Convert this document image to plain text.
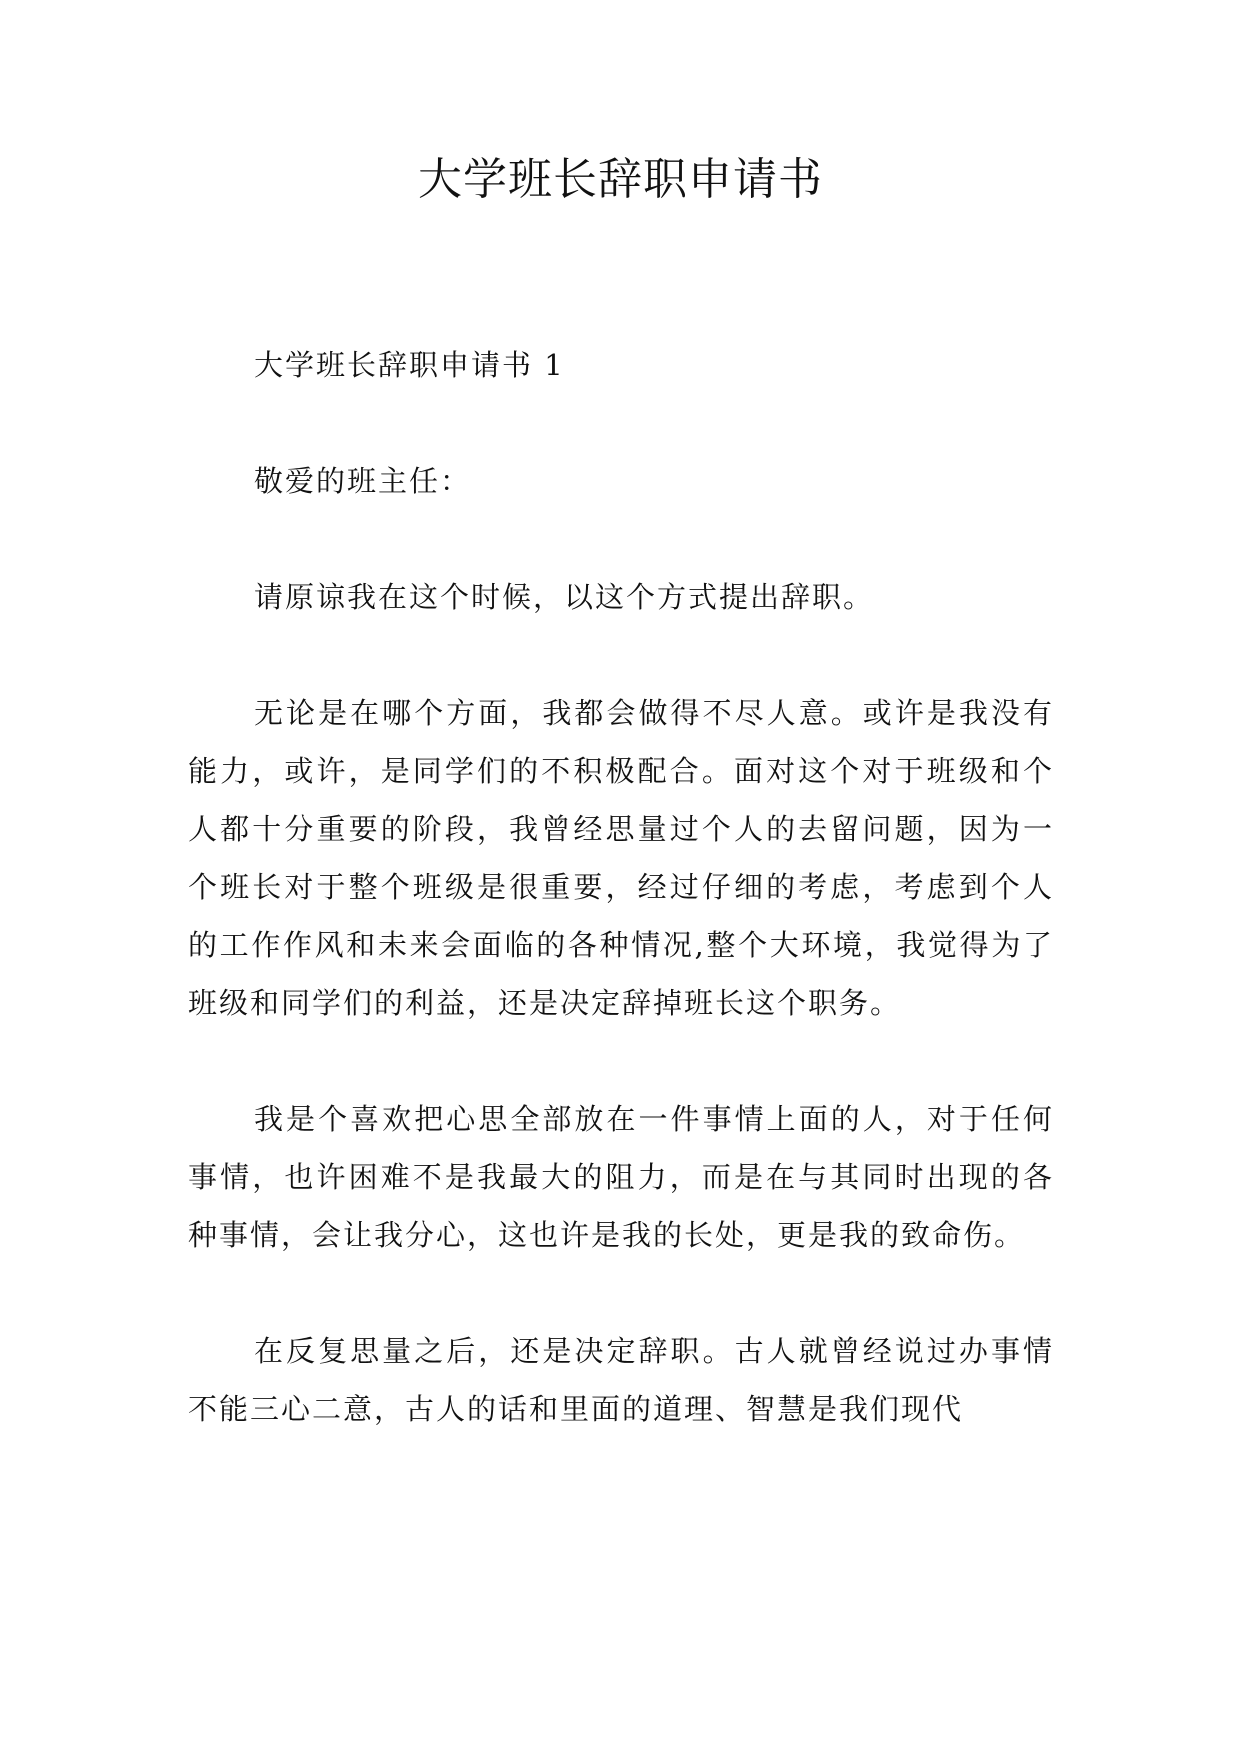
大学班长辞职申请书

大学班长辞职申请书 1

敬爱的班主任：

请原谅我在这个时候，以这个方式提出辞职。

无论是在哪个方面，我都会做得不尽人意。或许是我没有能力，或许，是同学们的不积极配合。面对这个对于班级和个人都十分重要的阶段，我曾经思量过个人的去留问题，因为一个班长对于整个班级是很重要，经过仔细的考虑，考虑到个人的工作作风和未来会面临的各种情况,整个大环境，我觉得为了班级和同学们的利益，还是决定辞掉班长这个职务。

我是个喜欢把心思全部放在一件事情上面的人，对于任何事情，也许困难不是我最大的阻力，而是在与其同时出现的各种事情，会让我分心，这也许是我的长处，更是我的致命伤。

在反复思量之后，还是决定辞职。古人就曾经说过办事情不能三心二意，古人的话和里面的道理、智慧是我们现代
